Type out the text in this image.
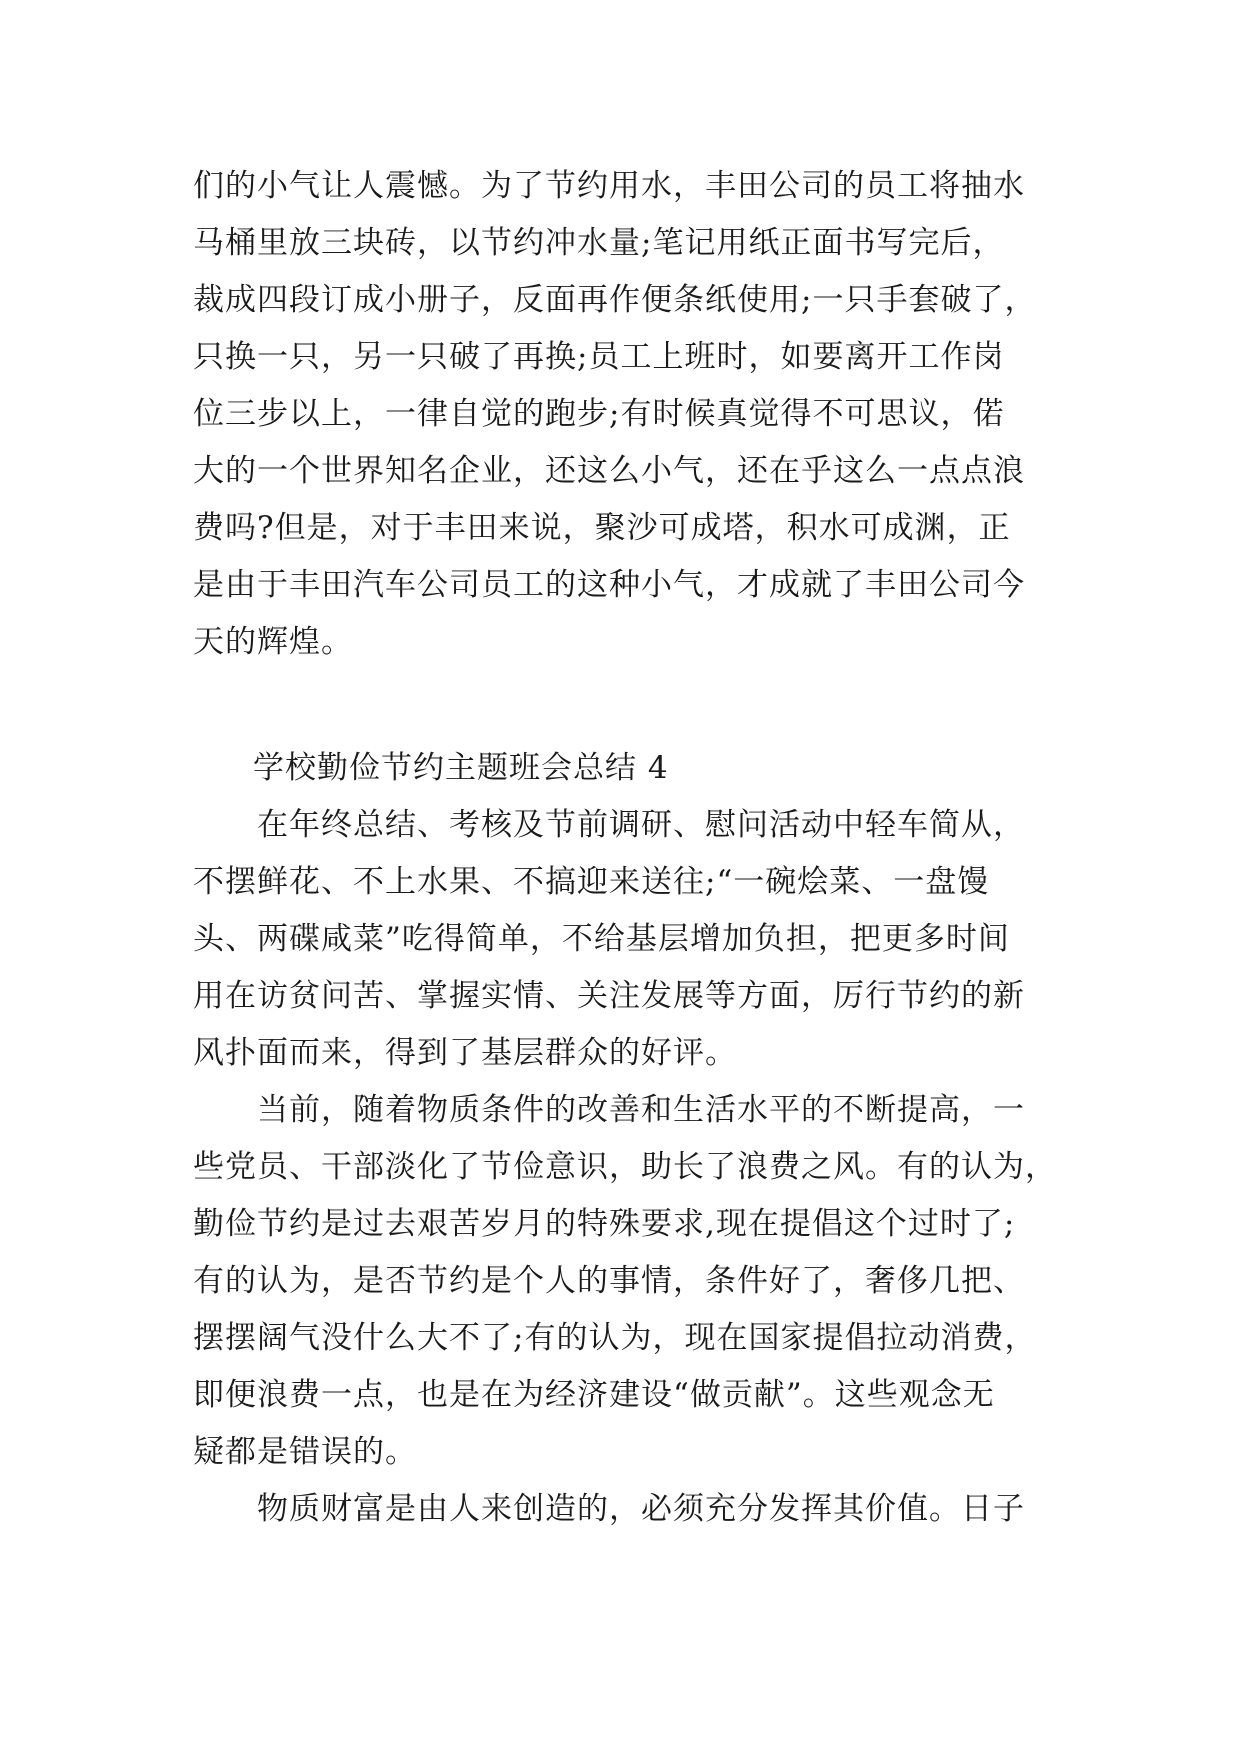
们的小气让人震憾。为了节约用水，丰田公司的员工将抽水
马桶里放三块砖，以节约冲水量;笔记用纸正面书写完后，
裁成四段订成小册子，反面再作便条纸使用;一只手套破了，
只换一只，另一只破了再换;员工上班时，如要离开工作岗
位三步以上，一律自觉的跑步;有时候真觉得不可思议，偌
大的一个世界知名企业，还这么小气，还在乎这么一点点浪
费吗?但是，对于丰田来说，聚沙可成塔，积水可成渊，正
是由于丰田汽车公司员工的这种小气，才成就了丰田公司今
天的辉煌。
学校勤俭节约主题班会总结 4
在年终总结、考核及节前调研、慰问活动中轻车简从，
不摆鲜花、不上水果、不搞迎来送往;“一碗烩菜、一盘馒
头、两碟咸菜”吃得简单，不给基层增加负担，把更多时间
用在访贫问苦、掌握实情、关注发展等方面，厉行节约的新
风扑面而来，得到了基层群众的好评。
当前，随着物质条件的改善和生活水平的不断提高，一
些党员、干部淡化了节俭意识，助长了浪费之风。有的认为，
勤俭节约是过去艰苦岁月的特殊要求,现在提倡这个过时了;
有的认为，是否节约是个人的事情，条件好了，奢侈几把、
摆摆阔气没什么大不了;有的认为，现在国家提倡拉动消费，
即便浪费一点，也是在为经济建设“做贡献”。这些观念无
疑都是错误的。
物质财富是由人来创造的，必须充分发挥其价值。日子
